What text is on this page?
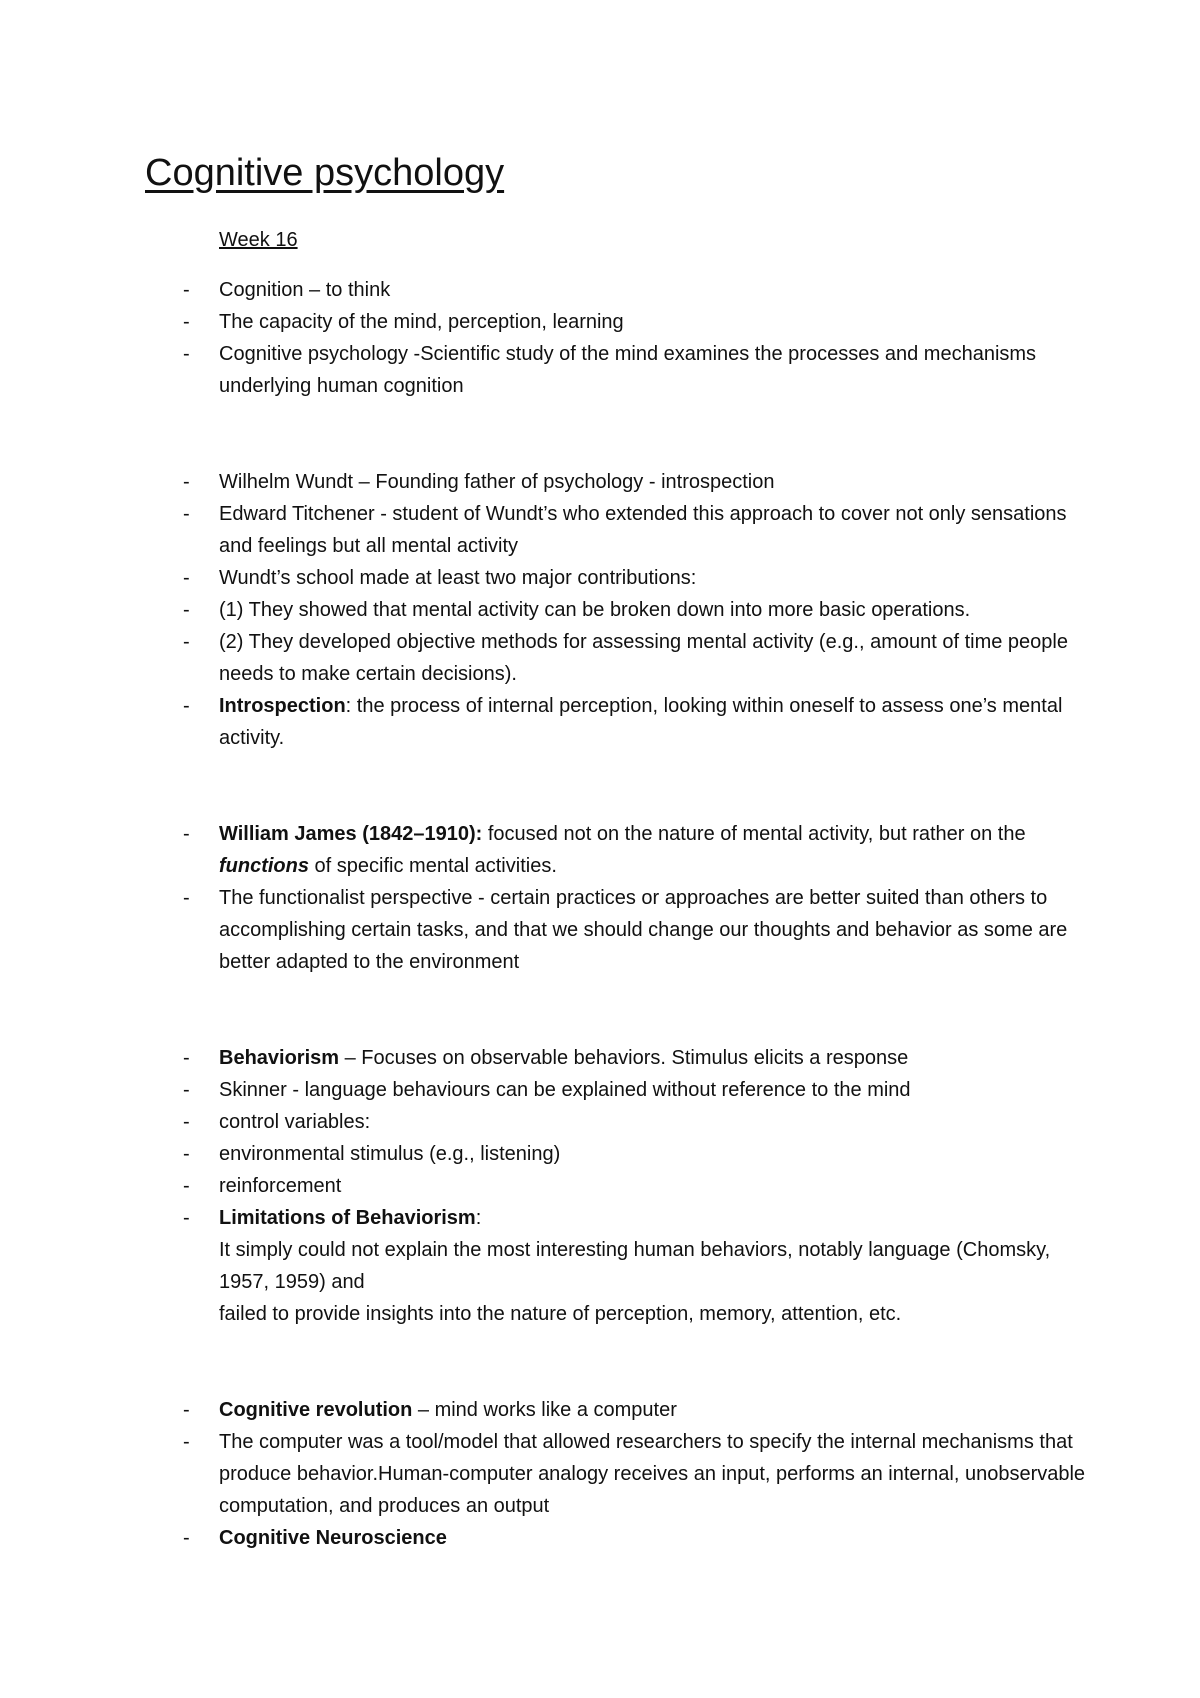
Cognitive psychology
Week 16
- Cognition – to think
- The capacity of the mind, perception, learning
- Cognitive psychology -Scientific study of the mind examines the processes and mechanisms underlying human cognition
- Wilhelm Wundt – Founding father of psychology - introspection
- Edward Titchener - student of Wundt’s who extended this approach to cover not only sensations and feelings but all mental activity
- Wundt’s school made at least two major contributions:
- (1) They showed that mental activity can be broken down into more basic operations.
- (2) They developed objective methods for assessing mental activity (e.g., amount of time people needs to make certain decisions).
- Introspection: the process of internal perception, looking within oneself to assess one’s mental activity.
- William James (1842–1910): focused not on the nature of mental activity, but rather on the functions of specific mental activities.
- The functionalist perspective - certain practices or approaches are better suited than others to accomplishing certain tasks, and that we should change our thoughts and behavior as some are better adapted to the environment
- Behaviorism – Focuses on observable behaviors. Stimulus elicits a response
- Skinner - language behaviours can be explained without reference to the mind
- control variables:
- environmental stimulus (e.g., listening)
- reinforcement
- Limitations of Behaviorism:
It simply could not explain the most interesting human behaviors, notably language (Chomsky, 1957, 1959) and
failed to provide insights into the nature of perception, memory, attention, etc.
- Cognitive revolution – mind works like a computer
- The computer was a tool/model that allowed researchers to specify the internal mechanisms that produce behavior.Human-computer analogy receives an input, performs an internal, unobservable computation, and produces an output
- Cognitive Neuroscience
